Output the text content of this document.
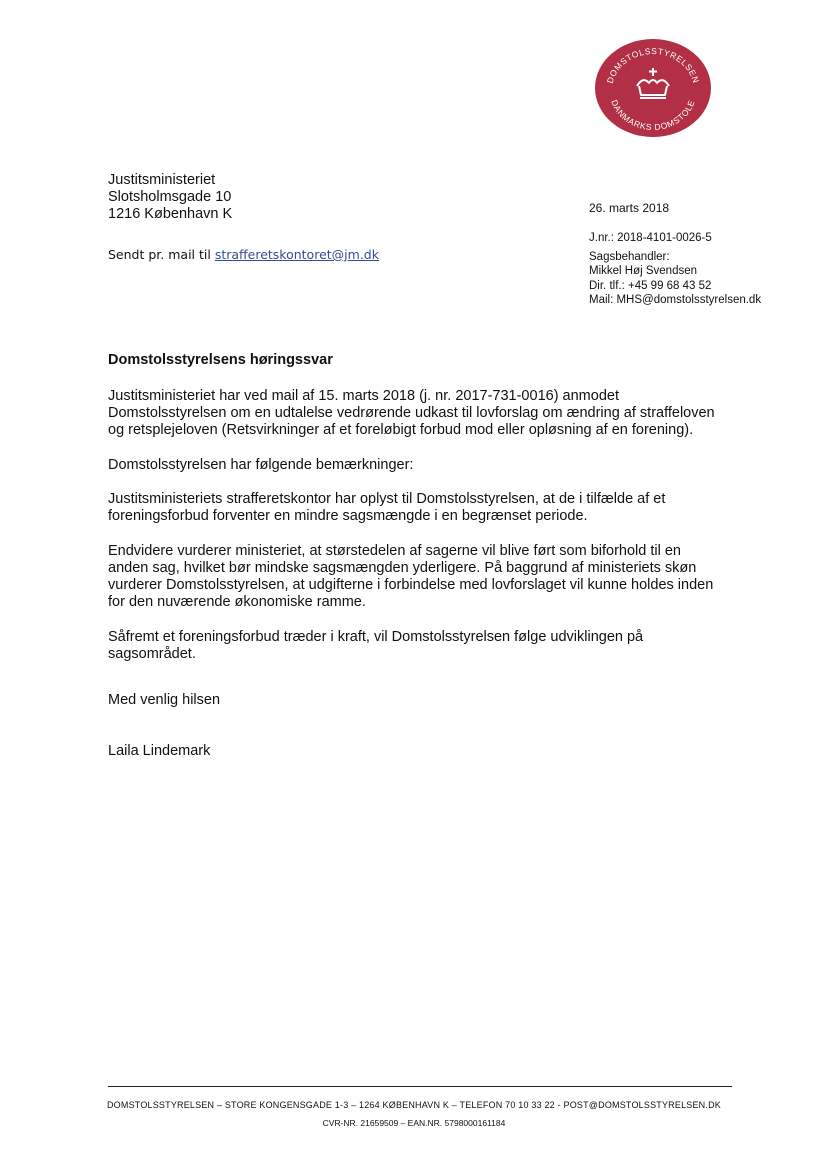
DOMSTOLSSTYRELSEN
DANMARKS DOMSTOLE
Justitsministeriet
Slotsholmsgade 10
1216 København K	26. marts 2018
J.nr.: 2018-4101-0026-5
Sagsbehandler:
Mikkel Høj Svendsen
Dir. tlf.: +45 99 68 43 52
Mail: MHS@domstolsstyrelsen.dk
Sendt pr. mail til strafferetskontoret@jm.dk
Domstolsstyrelsens høringssvar
Justitsministeriet har ved mail af 15. marts 2018 (j. nr. 2017-731-0016) anmodet
Domstolsstyrelsen om en udtalelse vedrørende udkast til lovforslag om ændring af straffeloven
og retsplejeloven (Retsvirkninger af et foreløbigt forbud mod eller opløsning af en forening).
Domstolsstyrelsen har følgende bemærkninger:
Justitsministeriets strafferetskontor har oplyst til Domstolsstyrelsen, at de i tilfælde af et
foreningsforbud forventer en mindre sagsmængde i en begrænset periode.
Endvidere vurderer ministeriet, at størstedelen af sagerne vil blive ført som biforhold til en
anden sag, hvilket bør mindske sagsmængden yderligere. På baggrund af ministeriets skøn
vurderer Domstolsstyrelsen, at udgifterne i forbindelse med lovforslaget vil kunne holdes inden
for den nuværende økonomiske ramme.
Såfremt et foreningsforbud træder i kraft, vil Domstolsstyrelsen følge udviklingen på
sagsområdet.
Med venlig hilsen
Laila Lindemark
DOMSTOLSSTYRELSEN – STORE KONGENSGADE 1-3 – 1264 KØBENHAVN K – TELEFON 70 10 33 22 - POST@DOMSTOLSSTYRELSEN.DK
CVR-NR. 21659509 – EAN.NR. 5798000161184
